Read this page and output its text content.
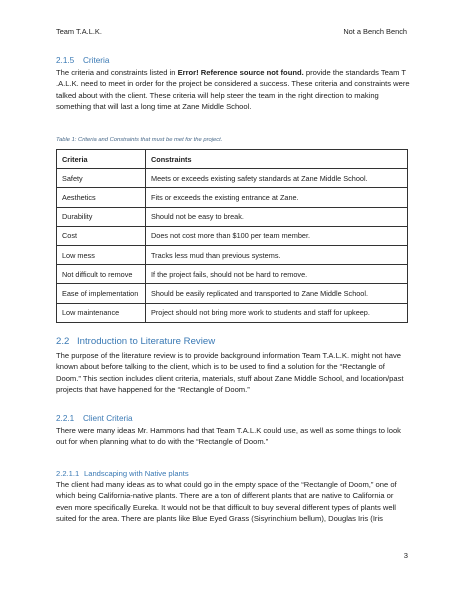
Team T.A.L.K.	Not a Bench Bench
2.1.5 Criteria
The criteria and constraints listed in Error! Reference source not found. provide the standards Team T
.A.L.K. need to meet in order for the project be considered a success. These criteria and constraints were
talked about with the client. These criteria will help steer the team in the right direction to making
something that will last a long time at Zane Middle School.
Table 1: Criteria and Constraints that must be met for the project.
Criteria	Constraints
Safety	Meets or exceeds existing safety standards at Zane Middle School.
Aesthetics	Fits or exceeds the existing entrance at Zane.
Durability	Should not be easy to break.
Cost	Does not cost more than $100 per team member.
Low mess	Tracks less mud than previous systems.
Not difficult to remove	If the project fails, should not be hard to remove.
Ease of implementation	Should be easily replicated and transported to Zane Middle School.
Low maintenance	Project should not bring more work to students and staff for upkeep.
2.2 Introduction to Literature Review
The purpose of the literature review is to provide background information Team T.A.L.K. might not have
known about before talking to the client, which is to be used to find a solution for the “Rectangle of
Doom.” This section includes client criteria, materials, stuff about Zane Middle School, and location/past
projects that have happened for the “Rectangle of Doom.”
2.2.1 Client Criteria
There were many ideas Mr. Hammons had that Team T.A.L.K could use, as well as some things to look
out for when planning what to do with the “Rectangle of Doom.”
2.2.1.1 Landscaping with Native plants
The client had many ideas as to what could go in the empty space of the “Rectangle of Doom,” one of
which being California-native plants. There are a ton of different plants that are native to California or
even more specifically Eureka. It would not be that difficult to buy several different types of plants well
suited for the area. There are plants like Blue Eyed Grass (Sisyrinchium bellum), Douglas Iris (Iris
3
